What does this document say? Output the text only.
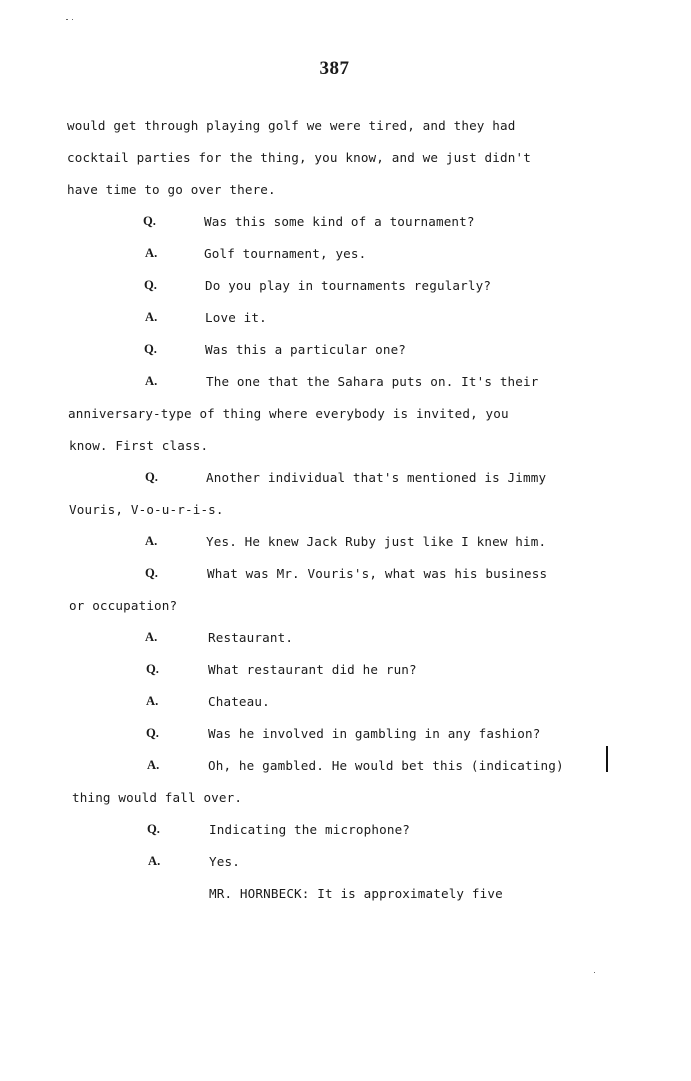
387
would get through playing golf we were tired, and they had
cocktail parties for the thing, you know, and we just didn't
have time to go over there.
Q.	Was this some kind of a tournament?
A.	Golf tournament, yes.
Q.	Do you play in tournaments regularly?
A.	Love it.
Q.	Was this a particular one?
A.	The one that the Sahara puts on. It's their
anniversary-type of thing where everybody is invited, you
know. First class.
Q.	Another individual that's mentioned is Jimmy
Vouris, V-o-u-r-i-s.
A.	Yes. He knew Jack Ruby just like I knew him.
Q.	What was Mr. Vouris's, what was his business
or occupation?
A.	Restaurant.
Q.	What restaurant did he run?
A.	Chateau.
Q.	Was he involved in gambling in any fashion?
A.	Oh, he gambled. He would bet this (indicating)
thing would fall over.
Q.	Indicating the microphone?
A.	Yes.
MR. HORNBECK: It is approximately five
